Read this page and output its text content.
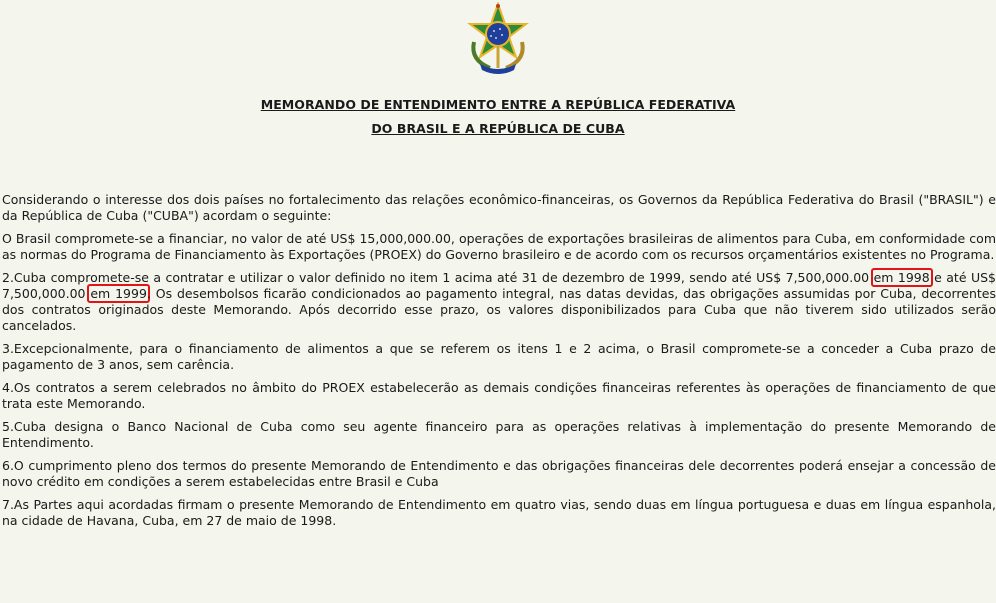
MEMORANDO DE ENTENDIMENTO ENTRE A REPÚBLICA FEDERATIVA
DO BRASIL E A REPÚBLICA DE CUBA

Considerando o interesse dos dois países no fortalecimento das relações econômico-financeiras, os Governos da República Federativa do Brasil ("BRASIL") e da República de Cuba ("CUBA") acordam o seguinte:

O Brasil compromete-se a financiar, no valor de até US$ 15,000,000.00, operações de exportações brasileiras de alimentos para Cuba, em conformidade com as normas do Programa de Financiamento às Exportações (PROEX) do Governo brasileiro e de acordo com os recursos orçamentários existentes no Programa.

2.Cuba compromete-se a contratar e utilizar o valor definido no item 1 acima até 31 de dezembro de 1999, sendo até US$ 7,500,000.00 em 1998 e até US$ 7,500,000.00 em 1999. Os desembolsos ficarão condicionados ao pagamento integral, nas datas devidas, das obrigações assumidas por Cuba, decorrentes dos contratos originados deste Memorando. Após decorrido esse prazo, os valores disponibilizados para Cuba que não tiverem sido utilizados serão cancelados.

3.Excepcionalmente, para o financiamento de alimentos a que se referem os itens 1 e 2 acima, o Brasil compromete-se a conceder a Cuba prazo de pagamento de 3 anos, sem carência.

4.Os contratos a serem celebrados no âmbito do PROEX estabelecerão as demais condições financeiras referentes às operações de financiamento de que trata este Memorando.

5.Cuba designa o Banco Nacional de Cuba como seu agente financeiro para as operações relativas à implementação do presente Memorando de Entendimento.

6.O cumprimento pleno dos termos do presente Memorando de Entendimento e das obrigações financeiras dele decorrentes poderá ensejar a concessão de novo crédito em condições a serem estabelecidas entre Brasil e Cuba

7.As Partes aqui acordadas firmam o presente Memorando de Entendimento em quatro vias, sendo duas em língua portuguesa e duas em língua espanhola, na cidade de Havana, Cuba, em 27 de maio de 1998.
